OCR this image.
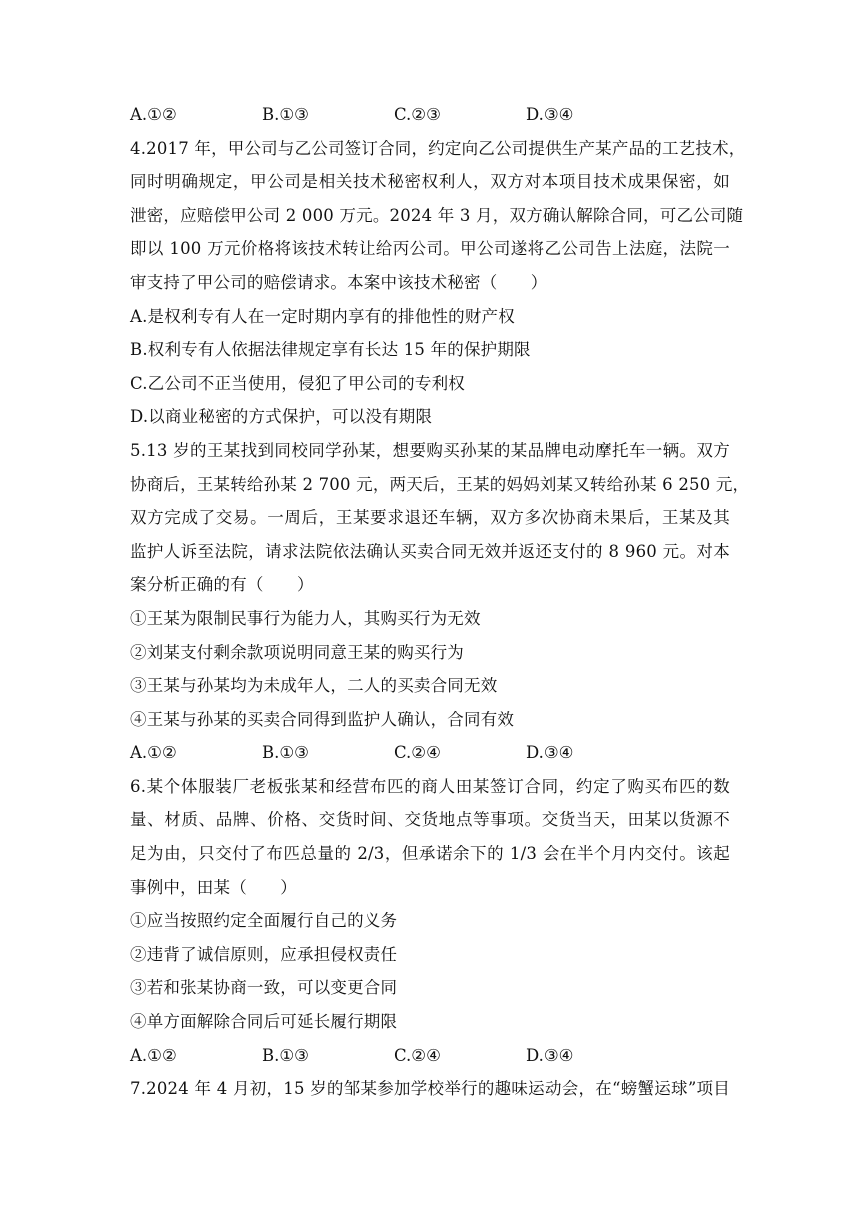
A.①②	B.①③	C.②③	D.③④
4.2017 年，甲公司与乙公司签订合同，约定向乙公司提供生产某产品的工艺技术，
同时明确规定，甲公司是相关技术秘密权利人，双方对本项目技术成果保密，如
泄密，应赔偿甲公司 2 000 万元。2024 年 3 月，双方确认解除合同，可乙公司随
即以 100 万元价格将该技术转让给丙公司。甲公司遂将乙公司告上法庭，法院一
审支持了甲公司的赔偿请求。本案中该技术秘密（　　）
A.是权利专有人在一定时期内享有的排他性的财产权
B.权利专有人依据法律规定享有长达 15 年的保护期限
C.乙公司不正当使用，侵犯了甲公司的专利权
D.以商业秘密的方式保护，可以没有期限
5.13 岁的王某找到同校同学孙某，想要购买孙某的某品牌电动摩托车一辆。双方
协商后，王某转给孙某 2 700 元，两天后，王某的妈妈刘某又转给孙某 6 250 元，
双方完成了交易。一周后，王某要求退还车辆，双方多次协商未果后，王某及其
监护人诉至法院，请求法院依法确认买卖合同无效并返还支付的 8 960 元。对本
案分析正确的有（　　）
①王某为限制民事行为能力人，其购买行为无效
②刘某支付剩余款项说明同意王某的购买行为
③王某与孙某均为未成年人，二人的买卖合同无效
④王某与孙某的买卖合同得到监护人确认，合同有效
A.①②	B.①③	C.②④	D.③④
6.某个体服装厂老板张某和经营布匹的商人田某签订合同，约定了购买布匹的数
量、材质、品牌、价格、交货时间、交货地点等事项。交货当天，田某以货源不
足为由，只交付了布匹总量的 2/3，但承诺余下的 1/3 会在半个月内交付。该起
事例中，田某（　　）
①应当按照约定全面履行自己的义务
②违背了诚信原则，应承担侵权责任
③若和张某协商一致，可以变更合同
④单方面解除合同后可延长履行期限
A.①②	B.①③	C.②④	D.③④
7.2024 年 4 月初，15 岁的邹某参加学校举行的趣味运动会，在“螃蟹运球”项目
